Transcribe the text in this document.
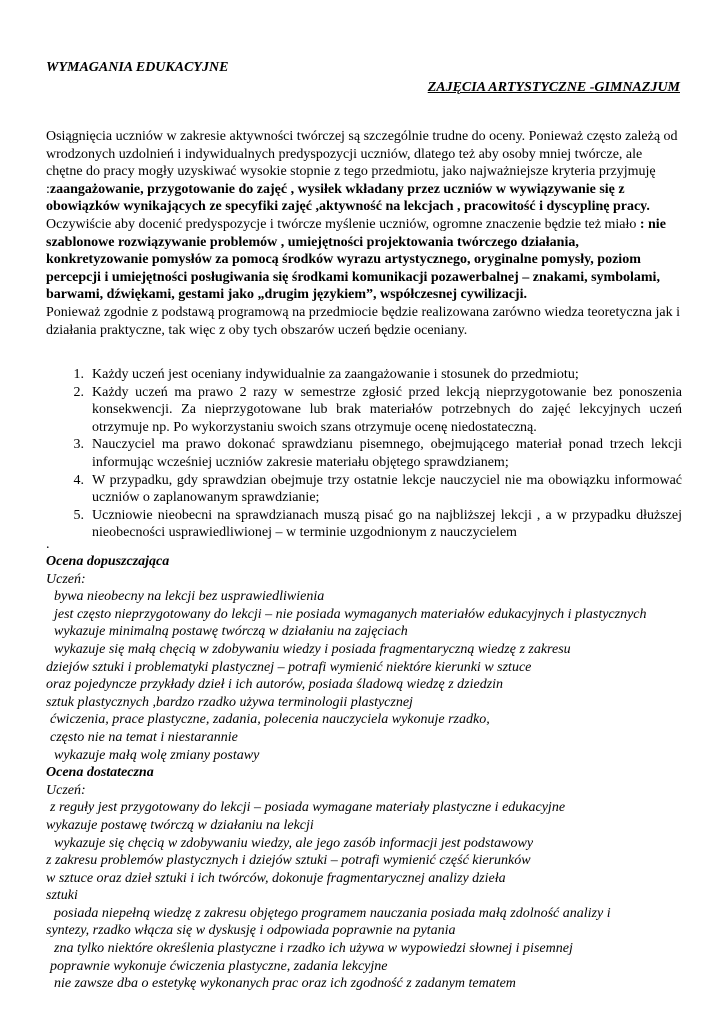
WYMAGANIA EDUKACYJNE
ZAJĘCIA ARTYSTYCZNE -GIMNAZJUM

Osiągnięcia uczniów w zakresie aktywności twórczej są szczególnie trudne do oceny. Ponieważ często zależą od wrodzonych uzdolnień i indywidualnych predyspozycji uczniów, dlatego też aby osoby mniej twórcze, ale chętne do pracy mogły uzyskiwać wysokie stopnie z tego przedmiotu, jako najważniejsze kryteria przyjmuję :zaangażowanie, przygotowanie do zajęć , wysiłek wkładany przez uczniów w wywiązywanie się z obowiązków wynikających ze specyfiki zajęć ,aktywność na lekcjach , pracowitość i dyscyplinę pracy.

Oczywiście aby docenić predyspozycje i twórcze myślenie uczniów, ogromne znaczenie będzie też miało : nie szablonowe rozwiązywanie problemów , umiejętności projektowania twórczego działania, konkretyzowanie pomysłów za pomocą środków wyrazu artystycznego, oryginalne pomysły, poziom percepcji i umiejętności posługiwania się środkami komunikacji pozawerbalnej – znakami, symbolami, barwami, dźwiękami, gestami jako „drugim językiem”, współczesnej cywilizacji.

Ponieważ zgodnie z podstawą programową na przedmiocie będzie realizowana zarówno wiedza teoretyczna jak i działania praktyczne, tak więc z oby tych obszarów uczeń będzie oceniany.

1. Każdy uczeń jest oceniany indywidualnie za zaangażowanie i stosunek do przedmiotu;
2. Każdy uczeń ma prawo 2 razy w semestrze zgłosić przed lekcją nieprzygotowanie bez ponoszenia konsekwencji. Za nieprzygotowane lub brak materiałów potrzebnych do zajęć lekcyjnych uczeń otrzymuje np. Po wykorzystaniu swoich szans otrzymuje ocenę niedostateczną.
3. Nauczyciel ma prawo dokonać sprawdzianu pisemnego, obejmującego materiał ponad trzech lekcji informując wcześniej uczniów zakresie materiału objętego sprawdzianem;
4. W przypadku, gdy sprawdzian obejmuje trzy ostatnie lekcje nauczyciel nie ma obowiązku informować uczniów o zaplanowanym sprawdzianie;
5. Uczniowie nieobecni na sprawdzianach muszą pisać go na najbliższej lekcji , a w przypadku dłuższej nieobecności usprawiedliwionej – w terminie uzgodnionym z nauczycielem
.
Ocena dopuszczająca
Uczeń:
bywa nieobecny na lekcji bez usprawiedliwienia
jest często nieprzygotowany do lekcji – nie posiada wymaganych materiałów edukacyjnych i plastycznych
wykazuje minimalną postawę twórczą w działaniu na zajęciach
wykazuje się małą chęcią w zdobywaniu wiedzy i posiada fragmentaryczną wiedzę z zakresu
dziejów sztuki i problematyki plastycznej – potrafi wymienić niektóre kierunki w sztuce
oraz pojedyncze przykłady dzieł i ich autorów, posiada śladową wiedzę z dziedzin
sztuk plastycznych ,bardzo rzadko używa terminologii plastycznej
ćwiczenia, prace plastyczne, zadania, polecenia nauczyciela wykonuje rzadko,
często nie na temat i niestarannie
wykazuje małą wolę zmiany postawy
Ocena dostateczna
Uczeń:
z reguły jest przygotowany do lekcji – posiada wymagane materiały plastyczne i edukacyjne
wykazuje postawę twórczą w działaniu na lekcji
wykazuje się chęcią w zdobywaniu wiedzy, ale jego zasób informacji jest podstawowy
z zakresu problemów plastycznych i dziejów sztuki – potrafi wymienić część kierunków
w sztuce oraz dzieł sztuki i ich twórców, dokonuje fragmentarycznej analizy dzieła
sztuki
posiada niepełną wiedzę z zakresu objętego programem nauczania posiada małą zdolność analizy i
syntezy, rzadko włącza się w dyskusję i odpowiada poprawnie na pytania
zna tylko niektóre określenia plastyczne i rzadko ich używa w wypowiedzi słownej i pisemnej
poprawnie wykonuje ćwiczenia plastyczne, zadania lekcyjne
nie zawsze dba o estetykę wykonanych prac oraz ich zgodność z zadanym tematem
